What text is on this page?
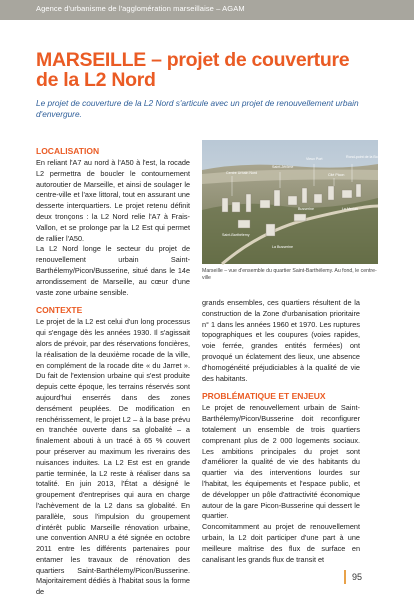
Agence d'urbanisme de l'agglomération marseillaise – AGAM
MARSEILLE – projet de couverture de la L2 Nord
Le projet de couverture de la L2 Nord s'articule avec un projet de renouvellement urbain d'envergure.
LOCALISATION

En reliant l'A7 au nord à l'A50 à l'est, la rocade L2 permettra de boucler le contournement autoroutier de Marseille, et ainsi de soulager le centre-ville et l'axe littoral, tout en assurant une desserte interquartiers. Le projet retenu définit deux tronçons : la L2 Nord relie l'A7 à Frais-Vallon, et se prolonge par la L2 Est qui permet de rallier l'A50.

La L2 Nord longe le secteur du projet de renouvellement urbain Saint-Barthélemy/Picon/Busserine, situé dans le 14e arrondissement de Marseille, au cœur d'une vaste zone urbaine sensible.

CONTEXTE

Le projet de la L2 est celui d'un long processus qui s'engage dès les années 1930. Il s'agissait alors de prévoir, par des réservations foncières, la réalisation de la deuxième rocade de la ville, en complément de la rocade dite « du Jarret ». Du fait de l'extension urbaine qui s'est produite depuis cette époque, les terrains réservés sont aujourd'hui enserrés dans des zones densément peuplées. De modification en renchérissement, le projet L2 – à la base prévu en tranchée ouverte dans sa globalité – a finalement abouti à un tracé à 65 % couvert pour préserver au maximum les riverains des nuisances induites. La L2 Est est en grande partie terminée, la L2 reste à réaliser dans sa totalité. En juin 2013, l'État a désigné le groupement d'entreprises qui aura en charge l'achèvement de la L2 dans sa globalité. En parallèle, sous l'impulsion du groupement d'intérêt public Marseille rénovation urbaine, une convention ANRU a été signée en octobre 2011 entre les différents partenaires pour entamer les travaux de rénovation des quartiers Saint-Barthélemy/Picon/Busserine. Majoritairement dédiés à l'habitat sous la forme de

Centre Urbain Nord
Saint-Jérôme
Vieux Port	Rond-point de la Boule
Cité Picon
Busserine	Le Merlan
Saint-Barthélemy
La Busserine
Marseille – vue d'ensemble du quartier Saint-Barthélemy. Au fond, le centre-ville

grands ensembles, ces quartiers résultent de la construction de la Zone d'urbanisation prioritaire n° 1 dans les années 1960 et 1970. Les ruptures topographiques et les coupures (voies rapides, voie ferrée, grandes entités fermées) ont provoqué un éclatement des lieux, une absence d'homogénéité préjudiciables à la qualité de vie des habitants.

PROBLÉMATIQUE ET ENJEUX

Le projet de renouvellement urbain de Saint-Barthélemy/Picon/Busserine doit reconfigurer totalement un ensemble de trois quartiers comprenant plus de 2 000 logements sociaux. Les ambitions principales du projet sont d'améliorer la qualité de vie des habitants du quartier via des interventions lourdes sur l'habitat, les équipements et l'espace public, et de développer un pôle d'attractivité économique autour de la gare Picon-Busserine qui dessert le quartier.

Concomitamment au projet de renouvellement urbain, la L2 doit participer d'une part à une meilleure maîtrise des flux de surface en canalisant les grands flux de transit et

95
